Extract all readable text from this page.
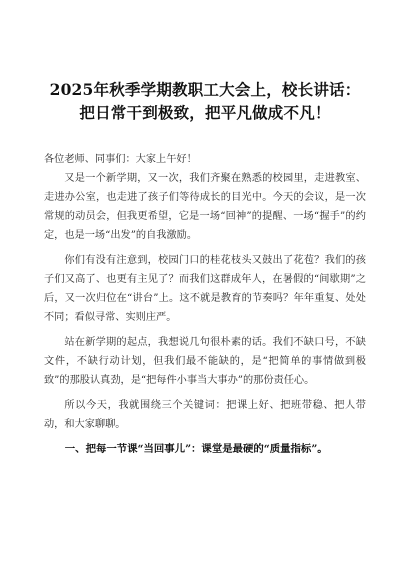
2025年秋季学期教职工大会上，校长讲话：把日常干到极致，把平凡做成不凡！

各位老师、同事们：大家上午好！

又是一个新学期，又一次，我们齐聚在熟悉的校园里，走进教室、走进办公室，也走进了孩子们等待成长的目光中。今天的会议，是一次常规的动员会，但我更希望，它是一场“回神”的提醒、一场“握手”的约定，也是一场“出发”的自我激励。

你们有没有注意到，校园门口的桂花枝头又鼓出了花苞？我们的孩子们又高了、也更有主见了？而我们这群成年人，在暑假的“间歇期”之后，又一次归位在“讲台”上。这不就是教育的节奏吗？年年重复、处处不同；看似寻常、实则庄严。

站在新学期的起点，我想说几句很朴素的话。我们不缺口号，不缺文件，不缺行动计划，但我们最不能缺的，是“把简单的事情做到极致”的那股认真劲，是“把每件小事当大事办”的那份责任心。

所以今天，我就围绕三个关键词：把课上好、把班带稳、把人带动，和大家聊聊。

一、把每一节课“当回事儿”：课堂是最硬的“质量指标”。
